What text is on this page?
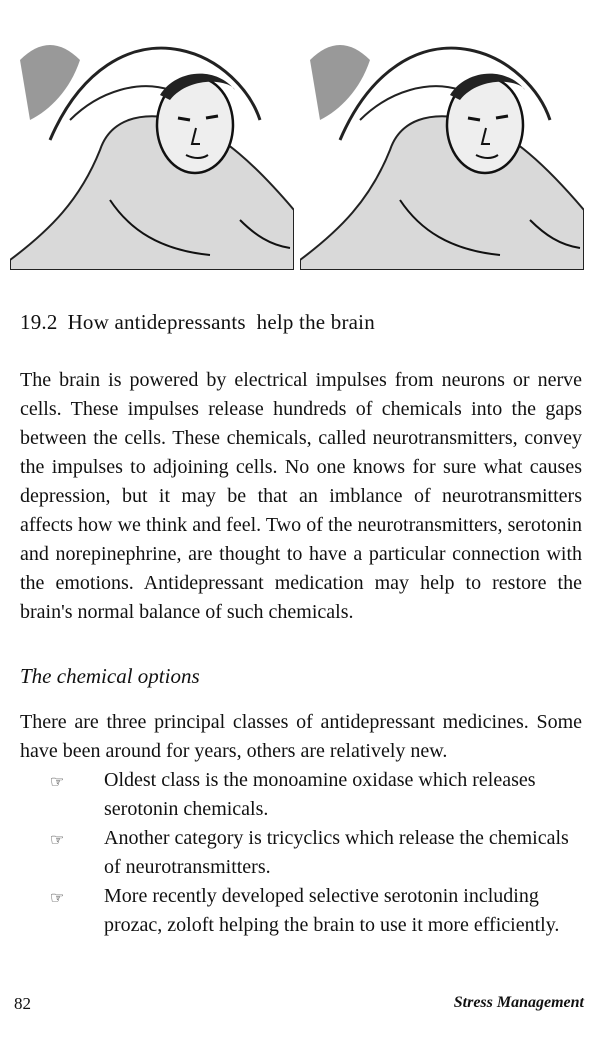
19.2 How antidepressants  help the brain

The brain is powered by electrical impulses from neurons or nerve cells. These impulses release hundreds of chemicals into the gaps between the cells. These chemicals, called neurotransmitters, convey the impulses to adjoining cells. No one knows for sure what causes depression, but it may be that an imblance of neurotransmitters affects how we think and feel. Two of the neurotransmitters, serotonin and norepinephrine, are thought to have a particular connection with the emotions. Antidepressant medication may help to restore the brain's normal balance of such chemicals.

The chemical options

There are three principal classes of antidepressant medicines. Some have been around for years, others are relatively new.

☞	Oldest class is the monoamine oxidase which releases serotonin chemicals.
☞	Another category is tricyclics which release the chemicals of neurotransmitters.
☞	More recently developed selective serotonin including prozac, zoloft helping the brain to use it more efficiently.
82	Stress Management
